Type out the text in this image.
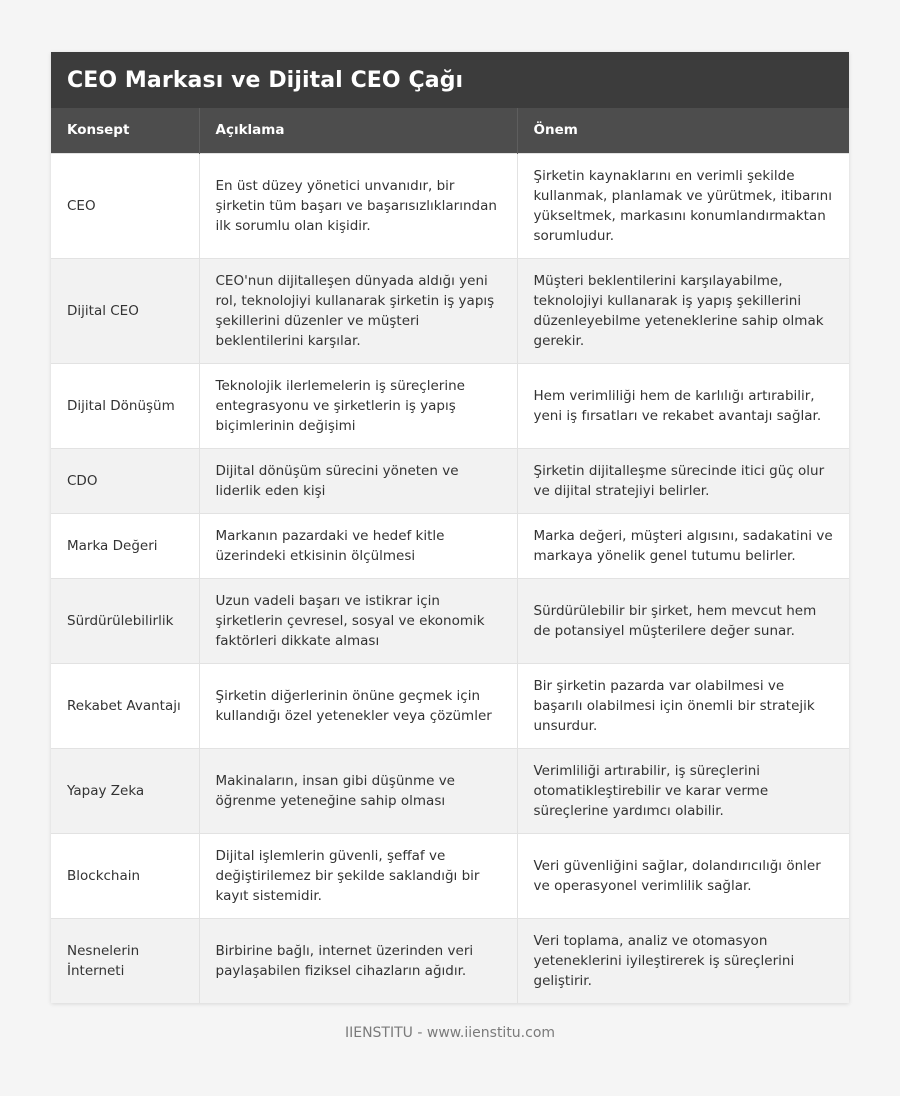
CEO Markası ve Dijital CEO Çağı
Konsept	Açıklama	Önem
CEO	En üst düzey yönetici unvanıdır, bir şirketin tüm başarı ve başarısızlıklarından ilk sorumlu olan kişidir.	Şirketin kaynaklarını en verimli şekilde kullanmak, planlamak ve yürütmek, itibarını yükseltmek, markasını konumlandırmaktan sorumludur.
Dijital CEO	CEO'nun dijitalleşen dünyada aldığı yeni rol, teknolojiyi kullanarak şirketin iş yapış şekillerini düzenler ve müşteri beklentilerini karşılar.	Müşteri beklentilerini karşılayabilme, teknolojiyi kullanarak iş yapış şekillerini düzenleyebilme yeteneklerine sahip olmak gerekir.
Dijital Dönüşüm	Teknolojik ilerlemelerin iş süreçlerine entegrasyonu ve şirketlerin iş yapış biçimlerinin değişimi	Hem verimliliği hem de karlılığı artırabilir, yeni iş fırsatları ve rekabet avantajı sağlar.
CDO	Dijital dönüşüm sürecini yöneten ve liderlik eden kişi	Şirketin dijitalleşme sürecinde itici güç olur ve dijital stratejiyi belirler.
Marka Değeri	Markanın pazardaki ve hedef kitle üzerindeki etkisinin ölçülmesi	Marka değeri, müşteri algısını, sadakatini ve markaya yönelik genel tutumu belirler.
Sürdürülebilirlik	Uzun vadeli başarı ve istikrar için şirketlerin çevresel, sosyal ve ekonomik faktörleri dikkate alması	Sürdürülebilir bir şirket, hem mevcut hem de potansiyel müşterilere değer sunar.
Rekabet Avantajı	Şirketin diğerlerinin önüne geçmek için kullandığı özel yetenekler veya çözümler	Bir şirketin pazarda var olabilmesi ve başarılı olabilmesi için önemli bir stratejik unsurdur.
Yapay Zeka	Makinaların, insan gibi düşünme ve öğrenme yeteneğine sahip olması	Verimliliği artırabilir, iş süreçlerini otomatikleştirebilir ve karar verme süreçlerine yardımcı olabilir.
Blockchain	Dijital işlemlerin güvenli, şeffaf ve değiştirilemez bir şekilde saklandığı bir kayıt sistemidir.	Veri güvenliğini sağlar, dolandırıcılığı önler ve operasyonel verimlilik sağlar.
Nesnelerin İnterneti	Birbirine bağlı, internet üzerinden veri paylaşabilen fiziksel cihazların ağıdır.	Veri toplama, analiz ve otomasyon yeteneklerini iyileştirerek iş süreçlerini geliştirir.
IIENSTITU - www.iienstitu.com
